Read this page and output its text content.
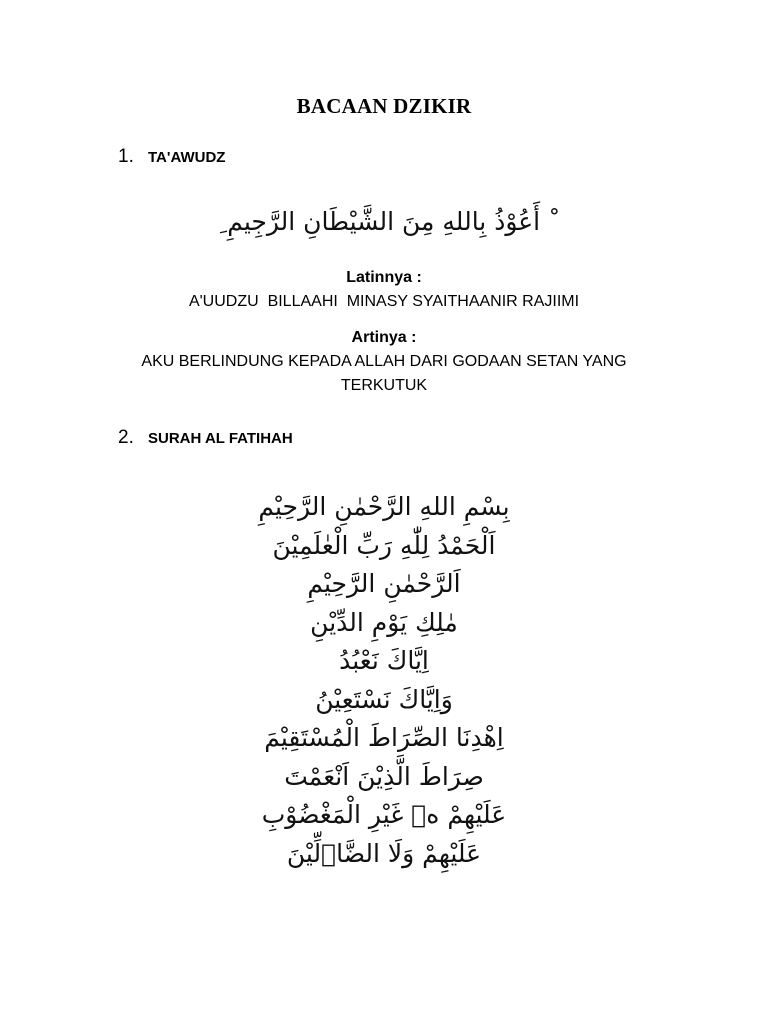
BACAAN DZIKIR
1. TA'AWUDZ
ْ أَعُوْذُ بِاللهِ مِنَ الشَّيْطَانِ الرَّجِيمِ ِ
Latinnya :
A'UUDZU  BILLAAHI  MINASY SYAITHAANIR RAJIIMI
Artinya :
AKU BERLINDUNG KEPADA ALLAH DARI GODAAN SETAN YANG
TERKUTUK
2. SURAH AL FATIHAH
بِسْمِ اللهِ الرَّحْمٰنِ الرَّحِيْمِ
اَلْحَمْدُ لِلّٰهِ رَبِّ الْعٰلَمِيْنَ
اَلرَّحْمٰنِ الرَّحِيْمِ
مٰلِكِ يَوْمِ الدِّيْنِ
اِيَّاكَ نَعْبُدُ
وَاِيَّاكَ نَسْتَعِيْنُ
اِهْدِنَا الصِّرَاطَ الْمُسْتَقِيْمَ
صِرَاطَ الَّذِيْنَ اَنْعَمْتَ
عَلَيْهِمْ ەۙ غَيْرِ الْمَغْضُوْبِ
عَلَيْهِمْ وَلَا الضَّاۤلِّيْنَ
